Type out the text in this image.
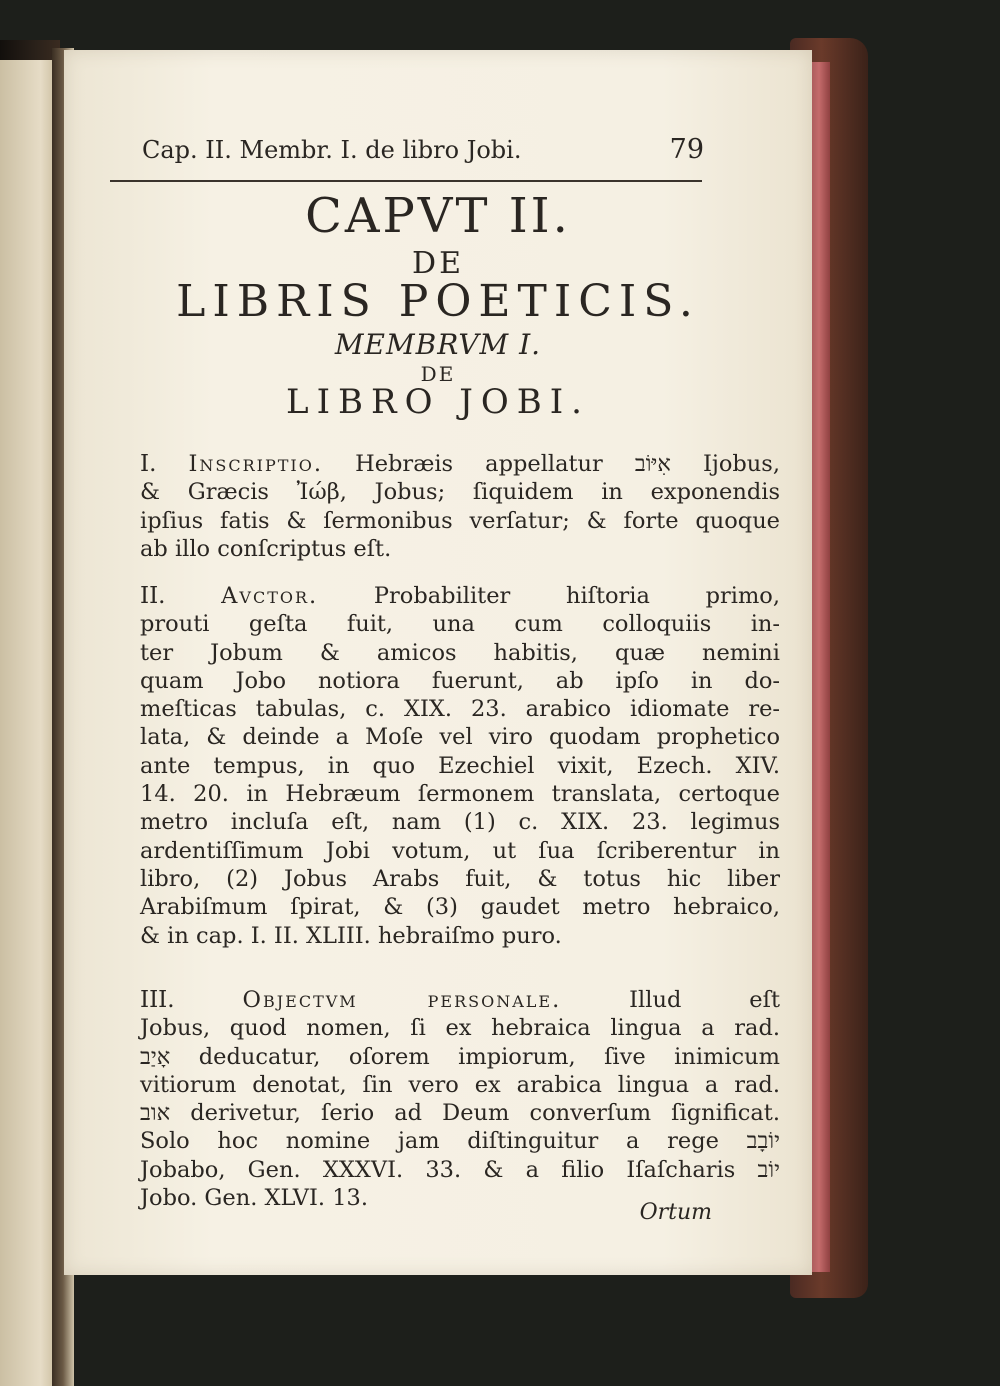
Cap. II. Membr. I. de libro Jobi.	79
CAPVT II.
DE
LIBRIS POETICIS.
MEMBRVM I.
DE
LIBRO JOBI.
I. Inscriptio. Hebræis appellatur אִיּוֹב Ijobus,
& Græcis Ἰώβ, Jobus; ſiquidem in exponendis
ipſius fatis & ſermonibus verſatur; & forte quoque
ab illo conſcriptus eſt.
II. Avctor. Probabiliter hiſtoria primo,
prouti geſta fuit, una cum colloquiis in-
ter Jobum & amicos habitis, quæ nemini
quam Jobo notiora fuerunt, ab ipſo in do-
meſticas tabulas, c. XIX. 23. arabico idiomate re-
lata, & deinde a Moſe vel viro quodam prophetico
ante tempus, in quo Ezechiel vixit, Ezech. XIV.
14. 20. in Hebræum ſermonem translata, certoque
metro incluſa eſt, nam (1) c. XIX. 23. legimus
ardentiſſimum Jobi votum, ut ſua ſcriberentur in
libro, (2) Jobus Arabs fuit, & totus hic liber
Arabiſmum ſpirat, & (3) gaudet metro hebraico,
& in cap. I. II. XLIII. hebraiſmo puro.
III.	Objectvm personale.	Illud eſt
Jobus, quod nomen, ſi ex hebraica lingua a rad.
אָיַב deducatur, oſorem impiorum, ſive inimicum
vitiorum denotat, ſin vero ex arabica lingua a rad.
אוב derivetur, ſerio ad Deum converſum ſignificat.
Solo hoc nomine jam diſtinguitur a rege יוֹבָב
Jobabo, Gen. XXXVI. 33. & a filio Iſaſcharis יוֹב
Jobo. Gen. XLVI. 13.
Ortum
